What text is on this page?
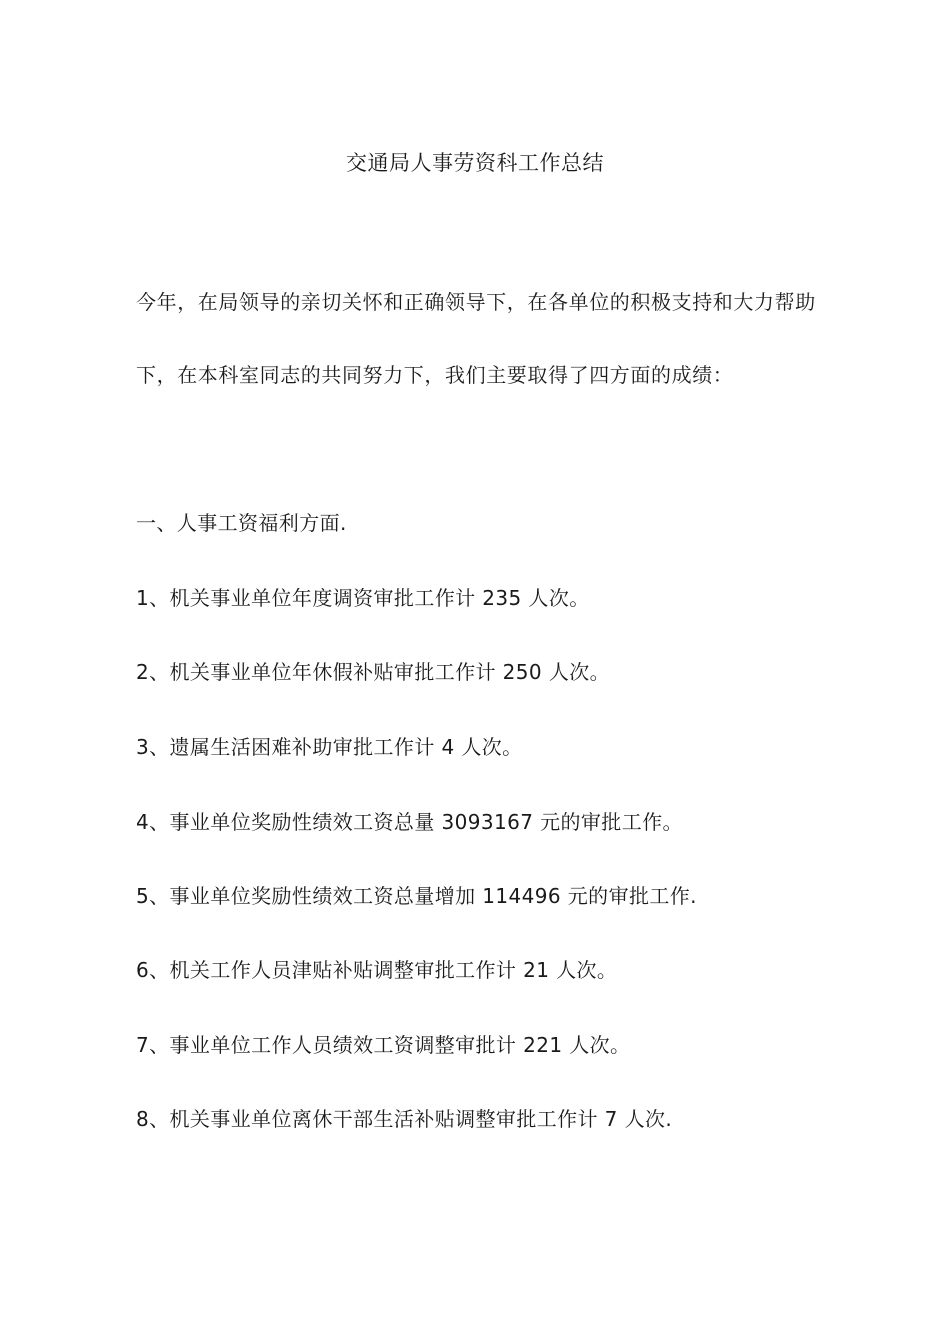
交通局人事劳资科工作总结
今年，在局领导的亲切关怀和正确领导下，在各单位的积极支持和大力帮助下，在本科室同志的共同努力下，我们主要取得了四方面的成绩：
一、人事工资福利方面.
1、机关事业单位年度调资审批工作计 235 人次。
2、机关事业单位年休假补贴审批工作计 250 人次。
3、遗属生活困难补助审批工作计 4 人次。
4、事业单位奖励性绩效工资总量 3093167 元的审批工作。
5、事业单位奖励性绩效工资总量增加 114496 元的审批工作.
6、机关工作人员津贴补贴调整审批工作计 21 人次。
7、事业单位工作人员绩效工资调整审批计 221 人次。
8、机关事业单位离休干部生活补贴调整审批工作计 7 人次.
